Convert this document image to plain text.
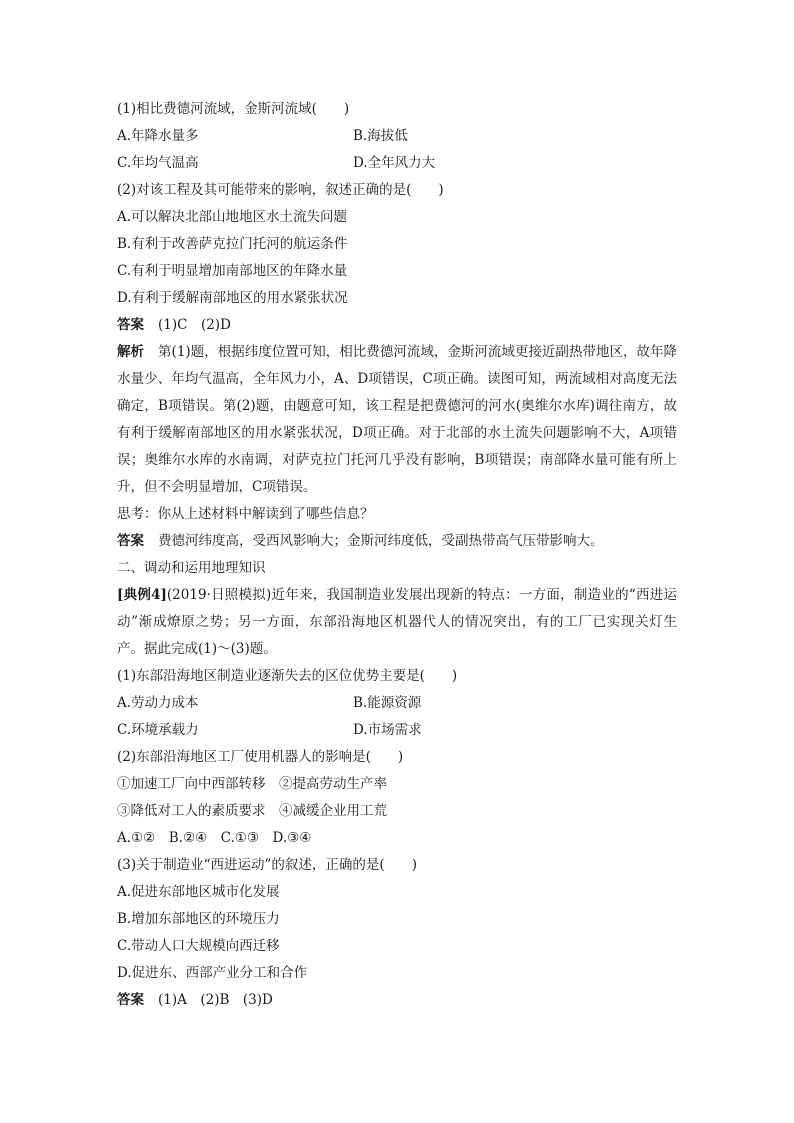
(1)相比费德河流域，金斯河流域(　　)
A.年降水量多	B.海拔低
C.年均气温高	D.全年风力大
(2)对该工程及其可能带来的影响，叙述正确的是(　　)
A.可以解决北部山地地区水土流失问题
B.有利于改善萨克拉门托河的航运条件
C.有利于明显增加南部地区的年降水量
D.有利于缓解南部地区的用水紧张状况
答案 (1)C　(2)D
解析 第(1)题，根据纬度位置可知，相比费德河流域，金斯河流域更接近副热带地区，故年降水量少、年均气温高，全年风力小，A、D项错误，C项正确。读图可知，两流域相对高度无法确定，B项错误。第(2)题，由题意可知，该工程是把费德河的河水(奥维尔水库)调往南方，故有利于缓解南部地区的用水紧张状况，D项正确。对于北部的水土流失问题影响不大，A项错误；奥维尔水库的水南调，对萨克拉门托河几乎没有影响，B项错误；南部降水量可能有所上升，但不会明显增加，C项错误。
思考：你从上述材料中解读到了哪些信息？
答案 费德河纬度高，受西风影响大；金斯河纬度低，受副热带高气压带影响大。
二、调动和运用地理知识
[典例4](2019·日照模拟)近年来，我国制造业发展出现新的特点：一方面，制造业的“西进运动”渐成燎原之势；另一方面，东部沿海地区机器代人的情况突出，有的工厂已实现关灯生产。据此完成(1)～(3)题。
(1)东部沿海地区制造业逐渐失去的区位优势主要是(　　)
A.劳动力成本	B.能源资源
C.环境承载力	D.市场需求
(2)东部沿海地区工厂使用机器人的影响是(　　)
①加速工厂向中西部转移　②提高劳动生产率
③降低对工人的素质要求　④减缓企业用工荒
A.①②　B.②④　C.①③　D.③④
(3)关于制造业“西进运动”的叙述，正确的是(　　)
A.促进东部地区城市化发展
B.增加东部地区的环境压力
C.带动人口大规模向西迁移
D.促进东、西部产业分工和合作
答案 (1)A　(2)B　(3)D
